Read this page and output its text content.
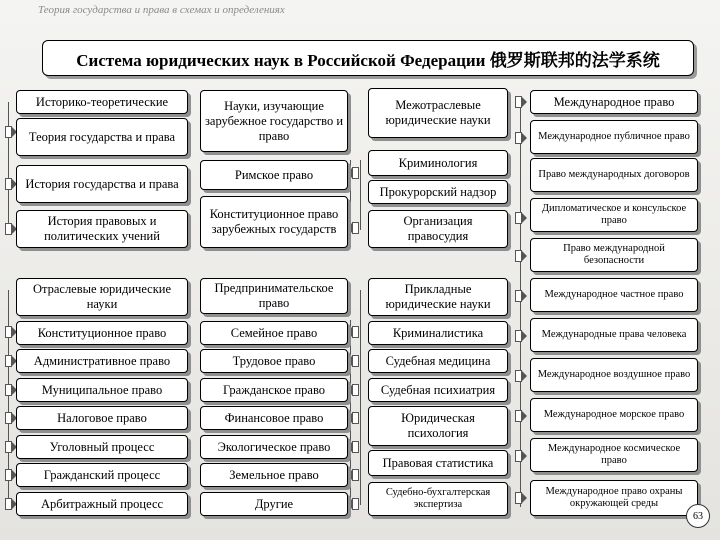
Теория государства и права в схемах и определениях
Система юридических наук в Российской Федерации 俄罗斯联邦的法学系统
Историко-теоретические
Теория государства и права
История государства и права
История правовых и политических учений
Отраслевые юридические науки
Конституционное право
Административное право
Муниципальное право
Налоговое право
Уголовный процесс
Гражданский процесс
Арбитражный процесс
Науки, изучающие зарубежное государство и право
Римское право
Конституционное право зарубежных государств
Предпринимательское право
Семейное право
Трудовое право
Гражданское право
Финансовое право
Экологическое право
Земельное право
Другие
Межотраслевые юридические науки
Криминология
Прокурорский надзор
Организация правосудия
Прикладные юридические науки
Криминалистика
Судебная медицина
Судебная психиатрия
Юридическая психология
Правовая статистика
Судебно-бухгалтерская экспертиза
Международное право
Международное публичное право
Право международных договоров
Дипломатическое и консульское право
Право международной безопасности
Международное частное право
Международные права человека
Международное воздушное право
Международное морское право
Международное космическое право
Международное право охраны окружающей среды
63
